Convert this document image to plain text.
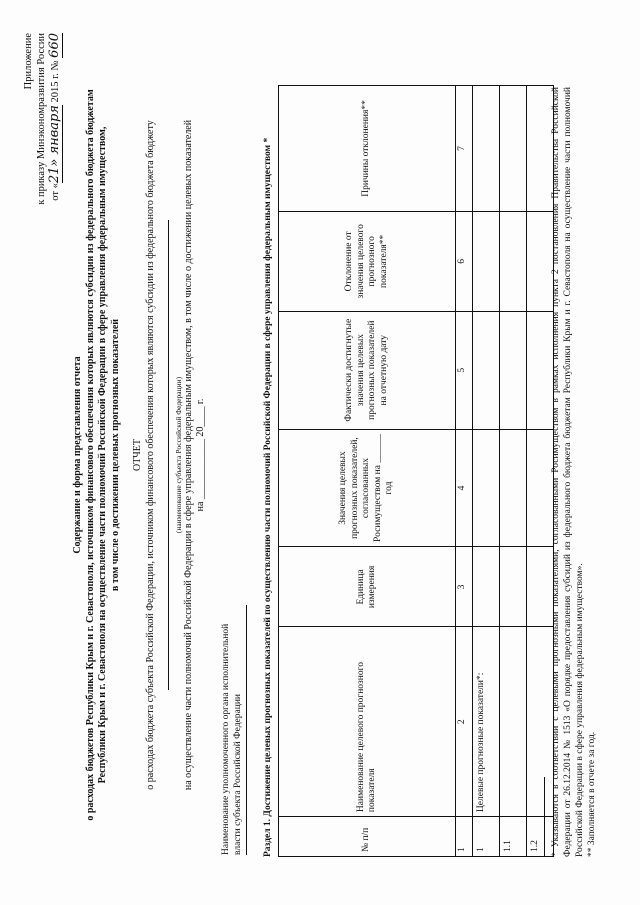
Приложение к приказу Минэкономразвития России от «21» января 2015 г. № 660
Содержание и форма представления отчета о расходах бюджетов Республики Крым и г. Севастополя, источником финансового обеспечения которых являются субсидии из федерального бюджета бюджетам Республики Крым и г. Севастополя на осуществление части полномочий Российской Федерации в сфере управления федеральным имуществом, в том числе о достижении целевых прогнозных показателей ОТЧЕТ о расходах бюджета субъекта Российской Федерации, источником финансового обеспечения которых являются субсидии из федерального бюджета бюджету (наименование субъекта Российской Федерации) на осуществление части полномочий Российской Федерации в сфере управления федеральным имуществом, в том числе о достижении целевых показателей на ____________ 20____ г.
Наименование уполномоченного органа исполнительной власти субъекта Российской Федерации Раздел 1. Достижение целевых прогнозных показателей по осуществлению части полномочий Российской Федерации в сфере управления федеральным имуществом *	№ п/п	Наименование целевого прогнозного показателя	Единица измерения	Значения целевых прогнозных показателей, согласованных Росимуществом на ______ год	Фактически достигнутые значения целевых прогнозных показателей на отчетную дату	Отклонение от значения целевого прогнозного показателя**	Причины отклонения**
1	2	3	4	5	6	7
1	Целевые прогнозные показатели*:					
1.1						
1.2						* Указываются в соответствии с целевыми прогнозными показателями, согласованными Росимуществом в рамках исполнения пункта 2 постановления Правительства Российской Федерации от 26.12.2014 № 1513 «О порядке предоставления субсидий из федерального бюджета бюджетам Республики Крым и г. Севастополя на осуществление части полномочий Российской Федерации в сфере управления федеральным имуществом». ** Заполняется в отчете за год.
